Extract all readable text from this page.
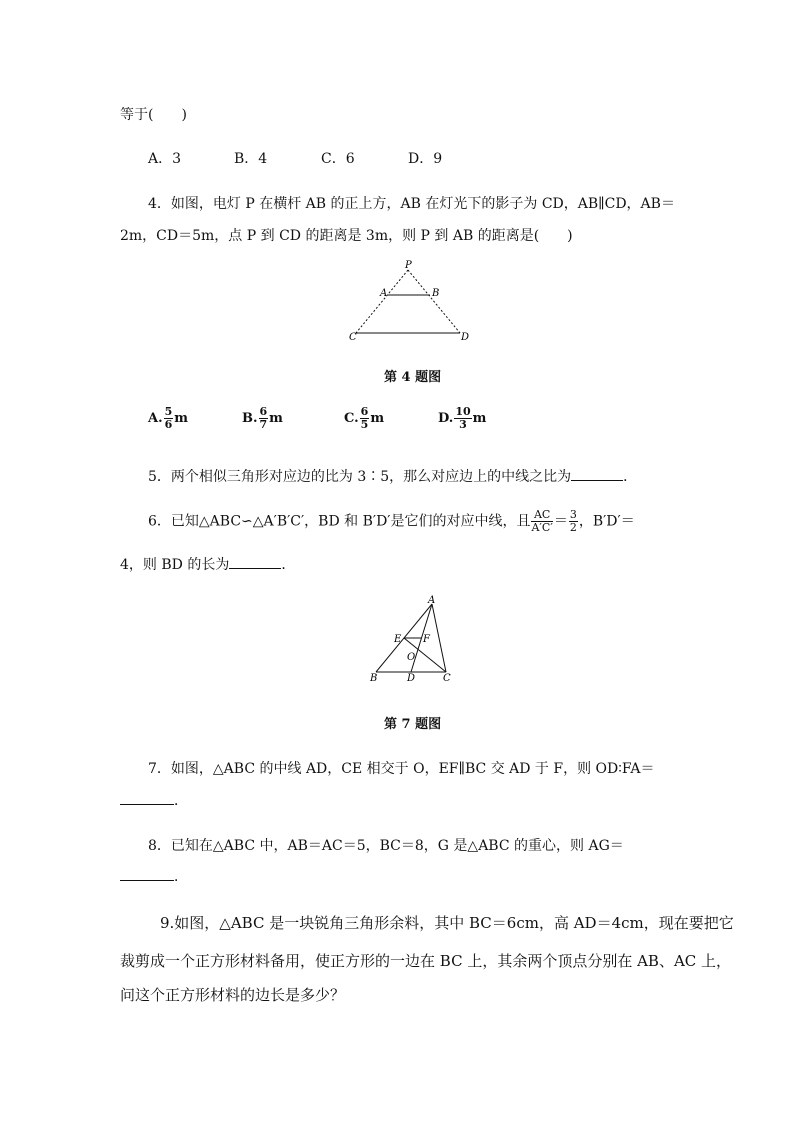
等于(　　)
A．3	B．4	C．6	D．9
4．如图，电灯 P 在横杆 AB 的正上方，AB 在灯光下的影子为 CD，AB∥CD，AB＝
2m，CD＝5m，点 P 到 CD 的距离是 3m，则 P 到 AB 的距离是(　　)
P
A	B
C	D
第 4 题图
A. $\frac{5}{6}$ m	B. $\frac{6}{7}$ m	C. $\frac{6}{5}$ m	D. $\frac{10}{3}$ m
5．两个相似三角形对应边的比为 3∶5，那么对应边上的中线之比为	．
6．已知△ABC∽△A′B′C′，BD 和 B′D′是它们的对应中线，且 $\frac{AC}{A'C'} = \frac{3}{2}$ ，B′D′＝
4，则 BD 的长为	．
A
E F
O
B	D	C
第 7 题图
7．如图，△ABC 的中线 AD，CE 相交于 O，EF∥BC 交 AD 于 F，则 OD∶FA＝
．
8．已知在△ABC 中，AB＝AC＝5，BC＝8，G 是△ABC 的重心，则 AG＝
．
9.如图，△ABC 是一块锐角三角形余料，其中 BC＝6cm，高 AD＝4cm，现在要把它
裁剪成一个正方形材料备用，使正方形的一边在 BC 上，其余两个顶点分别在 AB、AC 上，
问这个正方形材料的边长是多少？
